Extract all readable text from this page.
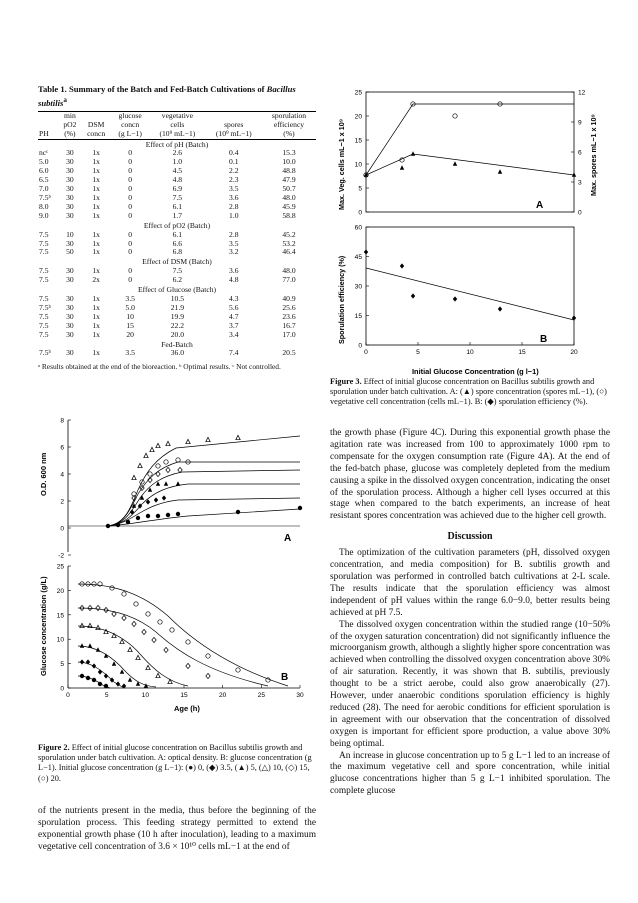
Table 1. Summary of the Batch and Fed-Batch Cultivations of Bacillus subtilis$^a$
	min		glucose	vegetative		sporulation
	pO2	DSM	concn	cells	spores	efficiency
PH	(%)	concn	(g L−1)	(10⁹ mL−1)	(10⁹ mL−1)	(%)
Effect of pH (Batch)						
ncᶜ	30	1x	0	2.6	0.4	15.3
5.0	30	1x	0	1.0	0.1	10.0
6.0	30	1x	0	4.5	2.2	48.8
6.5	30	1x	0	4.8	2.3	47.9
7.0	30	1x	0	6.9	3.5	50.7
7.5ᵇ	30	1x	0	7.5	3.6	48.0
8.0	30	1x	0	6.1	2.8	45.9
9.0	30	1x	0	1.7	1.0	58.8
Effect of pO2 (Batch)						
7.5	10	1x	0	6.1	2.8	45.2
7.5	30	1x	0	6.6	3.5	53.2
7.5	50	1x	0	6.8	3.2	46.4
Effect of DSM (Batch)						
7.5	30	1x	0	7.5	3.6	48.0
7.5	30	2x	0	6.2	4.8	77.0
Effect of Glucose (Batch)						
7.5	30	1x	3.5	10.5	4.3	40.9
7.5ᵇ	30	1x	5.0	21.9	5.6	25.6
7.5	30	1x	10	19.9	4.7	23.6
7.5	30	1x	15	22.2	3.7	16.7
7.5	30	1x	20	20.0	3.4	17.0
Fed-Batch						
7.5ᵇ	30	1x	3.5	36.0	7.4	20.5
ᵃ Results obtained at the end of the bioreaction. ᵇ Optimal results. ᶜ Not controlled.
8
6
4
2
0
-2
O.D. 600 nm
A
25
20
15
10
5
0
0	5	10	15	20	25	30
Glucose concentration (g/L)
Age (h)
B
Figure 2. Effect of initial glucose concentration on Bacillus subtilis growth and sporulation under batch cultivation. A: optical density. B: glucose concentration (g L−1). Initial glucose concentration (g L−1): (●) 0, (◆) 3.5, (▲) 5, (△) 10, (◇) 15, (○) 20.

of the nutrients present in the media, thus before the beginning of the sporulation process. This feeding strategy permitted to extend the exponential growth phase (10 h after inoculation), leading to a maximum vegetative cell concentration of 3.6 × 10¹⁰ cells mL−1 at the end of

25
20
15
10
5
0
12
9
6
3
0
Max. Veg. cells mL−1 x 10⁹	Max. spores mL−1 x 10⁹
A
60
45
30
15
0
0	5	10	15	20
Sporulation efficiency (%)
Initial Glucose Concentration (g l−1)
B
Figure 3. Effect of initial glucose concentration on Bacillus subtilis growth and sporulation under batch cultivation. A: (▲) spore concentration (spores mL−1), (○) vegetative cell concentration (cells mL−1). B: (◆) sporulation efficiency (%).

the growth phase (Figure 4C). During this exponential growth phase the agitation rate was increased from 100 to approximately 1000 rpm to compensate for the oxygen consumption rate (Figure 4A). At the end of the fed-batch phase, glucose was completely depleted from the medium causing a spike in the dissolved oxygen concentration, indicating the onset of the sporulation process. Although a higher cell lyses occurred at this stage when compared to the batch experiments, an increase of heat resistant spores concentration was achieved due to the higher cell growth.

Discussion

The optimization of the cultivation parameters (pH, dissolved oxygen concentration, and media composition) for B. subtilis growth and sporulation was performed in controlled batch cultivations at 2-L scale. The results indicate that the sporulation efficiency was almost independent of pH values within the range 6.0−9.0, better results being achieved at pH 7.5.

The dissolved oxygen concentration within the studied range (10−50% of the oxygen saturation concentration) did not significantly influence the microorganism growth, although a slightly higher spore concentration was achieved when controlling the dissolved oxygen concentration above 30% of air saturation. Recently, it was shown that B. subtilis, previously thought to be a strict aerobe, could also grow anaerobically (27). However, under anaerobic conditions sporulation efficiency is highly reduced (28). The need for aerobic conditions for efficient sporulation is in agreement with our observation that the concentration of dissolved oxygen is important for efficient spore production, a value above 30% being optimal.

An increase in glucose concentration up to 5 g L−1 led to an increase of the maximum vegetative cell and spore concentration, while initial glucose concentrations higher than 5 g L−1 inhibited sporulation. The complete glucose
